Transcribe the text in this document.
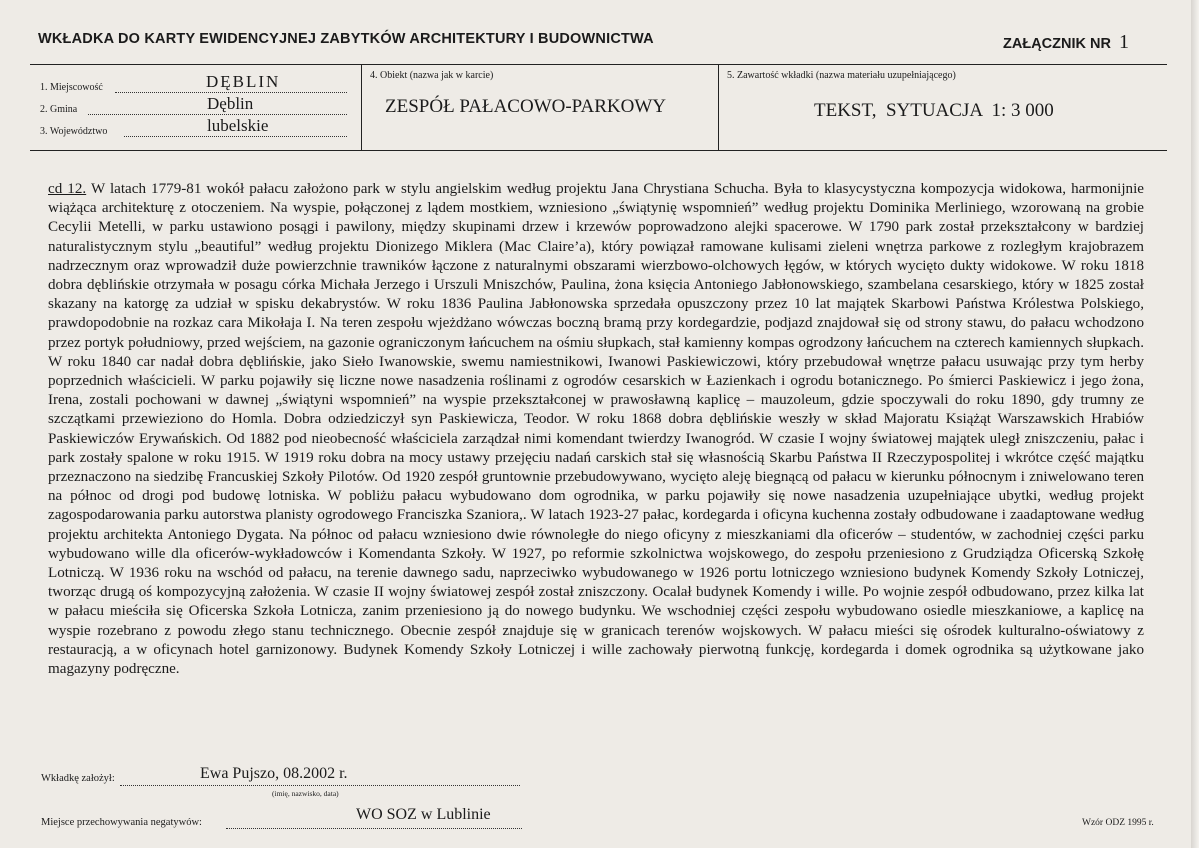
WKŁADKA DO KARTY EWIDENCYJNEJ ZABYTKÓW ARCHITEKTURY I BUDOWNICTWA	ZAŁĄCZNIK NR 1
1. Miejscowość	DĘBLIN
2. Gmina	Dęblin
3. Województwo	lubelskie
4. Obiekt (nazwa jak w karcie)
ZESPÓŁ PAŁACOWO-PARKOWY
5. Zawartość wkładki (nazwa materiału uzupełniającego)
TEKST,  SYTUACJA  1: 3 000
cd 12. W latach 1779-81 wokół pałacu założono park w stylu angielskim według projektu Jana Chrystiana Schucha. Była to klasycystyczna kompozycja widokowa, harmonijnie wiążąca architekturę z otoczeniem. Na wyspie, połączonej z lądem mostkiem, wzniesiono „świątynię wspomnień” według projektu Dominika Merliniego, wzorowaną na grobie Cecylii Metelli, w parku ustawiono posągi i pawilony, między skupinami drzew i krzewów poprowadzono alejki spacerowe. W 1790 park został przekształcony w bardziej naturalistycznym stylu „beautiful” według projektu Dionizego Miklera (Mac Claire’a), który powiązał ramowane kulisami zieleni wnętrza parkowe z rozległym krajobrazem nadrzecznym oraz wprowadził duże powierzchnie trawników łączone z naturalnymi obszarami wierzbowo-olchowych łęgów, w których wycięto dukty widokowe. W roku 1818 dobra dęblińskie otrzymała w posagu córka Michała Jerzego i Urszuli Mniszchów, Paulina, żona księcia Antoniego Jabłonowskiego, szambelana cesarskiego, który w 1825 został skazany na katorgę za udział w spisku dekabrystów. W roku 1836 Paulina Jabłonowska sprzedała opuszczony przez 10 lat majątek Skarbowi Państwa Królestwa Polskiego, prawdopodobnie na rozkaz cara Mikołaja I. Na teren zespołu wjeżdżano wówczas boczną bramą przy kordegardzie, podjazd znajdował się od strony stawu, do pałacu wchodzono przez portyk południowy, przed wejściem, na gazonie ograniczonym łańcuchem na ośmiu słupkach, stał kamienny kompas ogrodzony łańcuchem na czterech kamiennych słupkach. W roku 1840 car nadał dobra dęblińskie, jako Sieło Iwanowskie, swemu namiestnikowi, Iwanowi Paskiewiczowi, który przebudował wnętrze pałacu usuwając przy tym herby poprzednich właścicieli. W parku pojawiły się liczne nowe nasadzenia roślinami z ogrodów cesarskich w Łazienkach i ogrodu botanicznego. Po śmierci Paskiewicz i jego żona, Irena, zostali pochowani w dawnej „świątyni wspomnień” na wyspie przekształconej w prawosławną kaplicę – mauzoleum, gdzie spoczywali do roku 1890, gdy trumny ze szczątkami przewieziono do Homla. Dobra odziedziczył syn Paskiewicza, Teodor. W roku 1868 dobra dęblińskie weszły w skład Majoratu Książąt Warszawskich Hrabiów Paskiewiczów Erywańskich. Od 1882 pod nieobecność właściciela zarządzał nimi komendant twierdzy Iwanogród. W czasie I wojny światowej majątek uległ zniszczeniu, pałac i park zostały spalone w roku 1915. W 1919 roku dobra na mocy ustawy przejęciu nadań carskich stał się własnością Skarbu Państwa II Rzeczypospolitej i wkrótce część majątku przeznaczono na siedzibę Francuskiej Szkoły Pilotów. Od 1920 zespół gruntownie przebudowywano, wycięto aleję biegnącą od pałacu w kierunku północnym i zniwelowano teren na północ od drogi pod budowę lotniska. W pobliżu pałacu wybudowano dom ogrodnika, w parku pojawiły się nowe nasadzenia uzupełniające ubytki, według projekt zagospodarowania parku autorstwa planisty ogrodowego Franciszka Szaniora,. W latach 1923-27 pałac, kordegarda i oficyna kuchenna zostały odbudowane i zaadaptowane według projektu architekta Antoniego Dygata. Na północ od pałacu wzniesiono dwie równoległe do niego oficyny z mieszkaniami dla oficerów – studentów, w zachodniej części parku wybudowano wille dla oficerów-wykładowców i Komendanta Szkoły. W 1927, po reformie szkolnictwa wojskowego, do zespołu przeniesiono z Grudziądza Oficerską Szkołę Lotniczą. W 1936 roku na wschód od pałacu, na terenie dawnego sadu, naprzeciwko wybudowanego w 1926 portu lotniczego wzniesiono budynek Komendy Szkoły Lotniczej, tworząc drugą oś kompozycyjną założenia. W czasie II wojny światowej zespół został zniszczony. Ocalał budynek Komendy i wille. Po wojnie zespół odbudowano, przez kilka lat w pałacu mieściła się Oficerska Szkoła Lotnicza, zanim przeniesiono ją do nowego budynku. We wschodniej części zespołu wybudowano osiedle mieszkaniowe, a kaplicę na wyspie rozebrano z powodu złego stanu technicznego. Obecnie zespół znajduje się w granicach terenów wojskowych. W pałacu mieści się ośrodek kulturalno-oświatowy z restauracją, a w oficynach hotel garnizonowy. Budynek Komendy Szkoły Lotniczej i wille zachowały pierwotną funkcję, kordegarda i domek ogrodnika są użytkowane jako magazyny podręczne.
Wkładkę założył:	Ewa Pujszo, 08.2002 r.
(imię, nazwisko, data)
Miejsce przechowywania negatywów:	WO SOZ w Lublinie	Wzór ODZ 1995 r.
